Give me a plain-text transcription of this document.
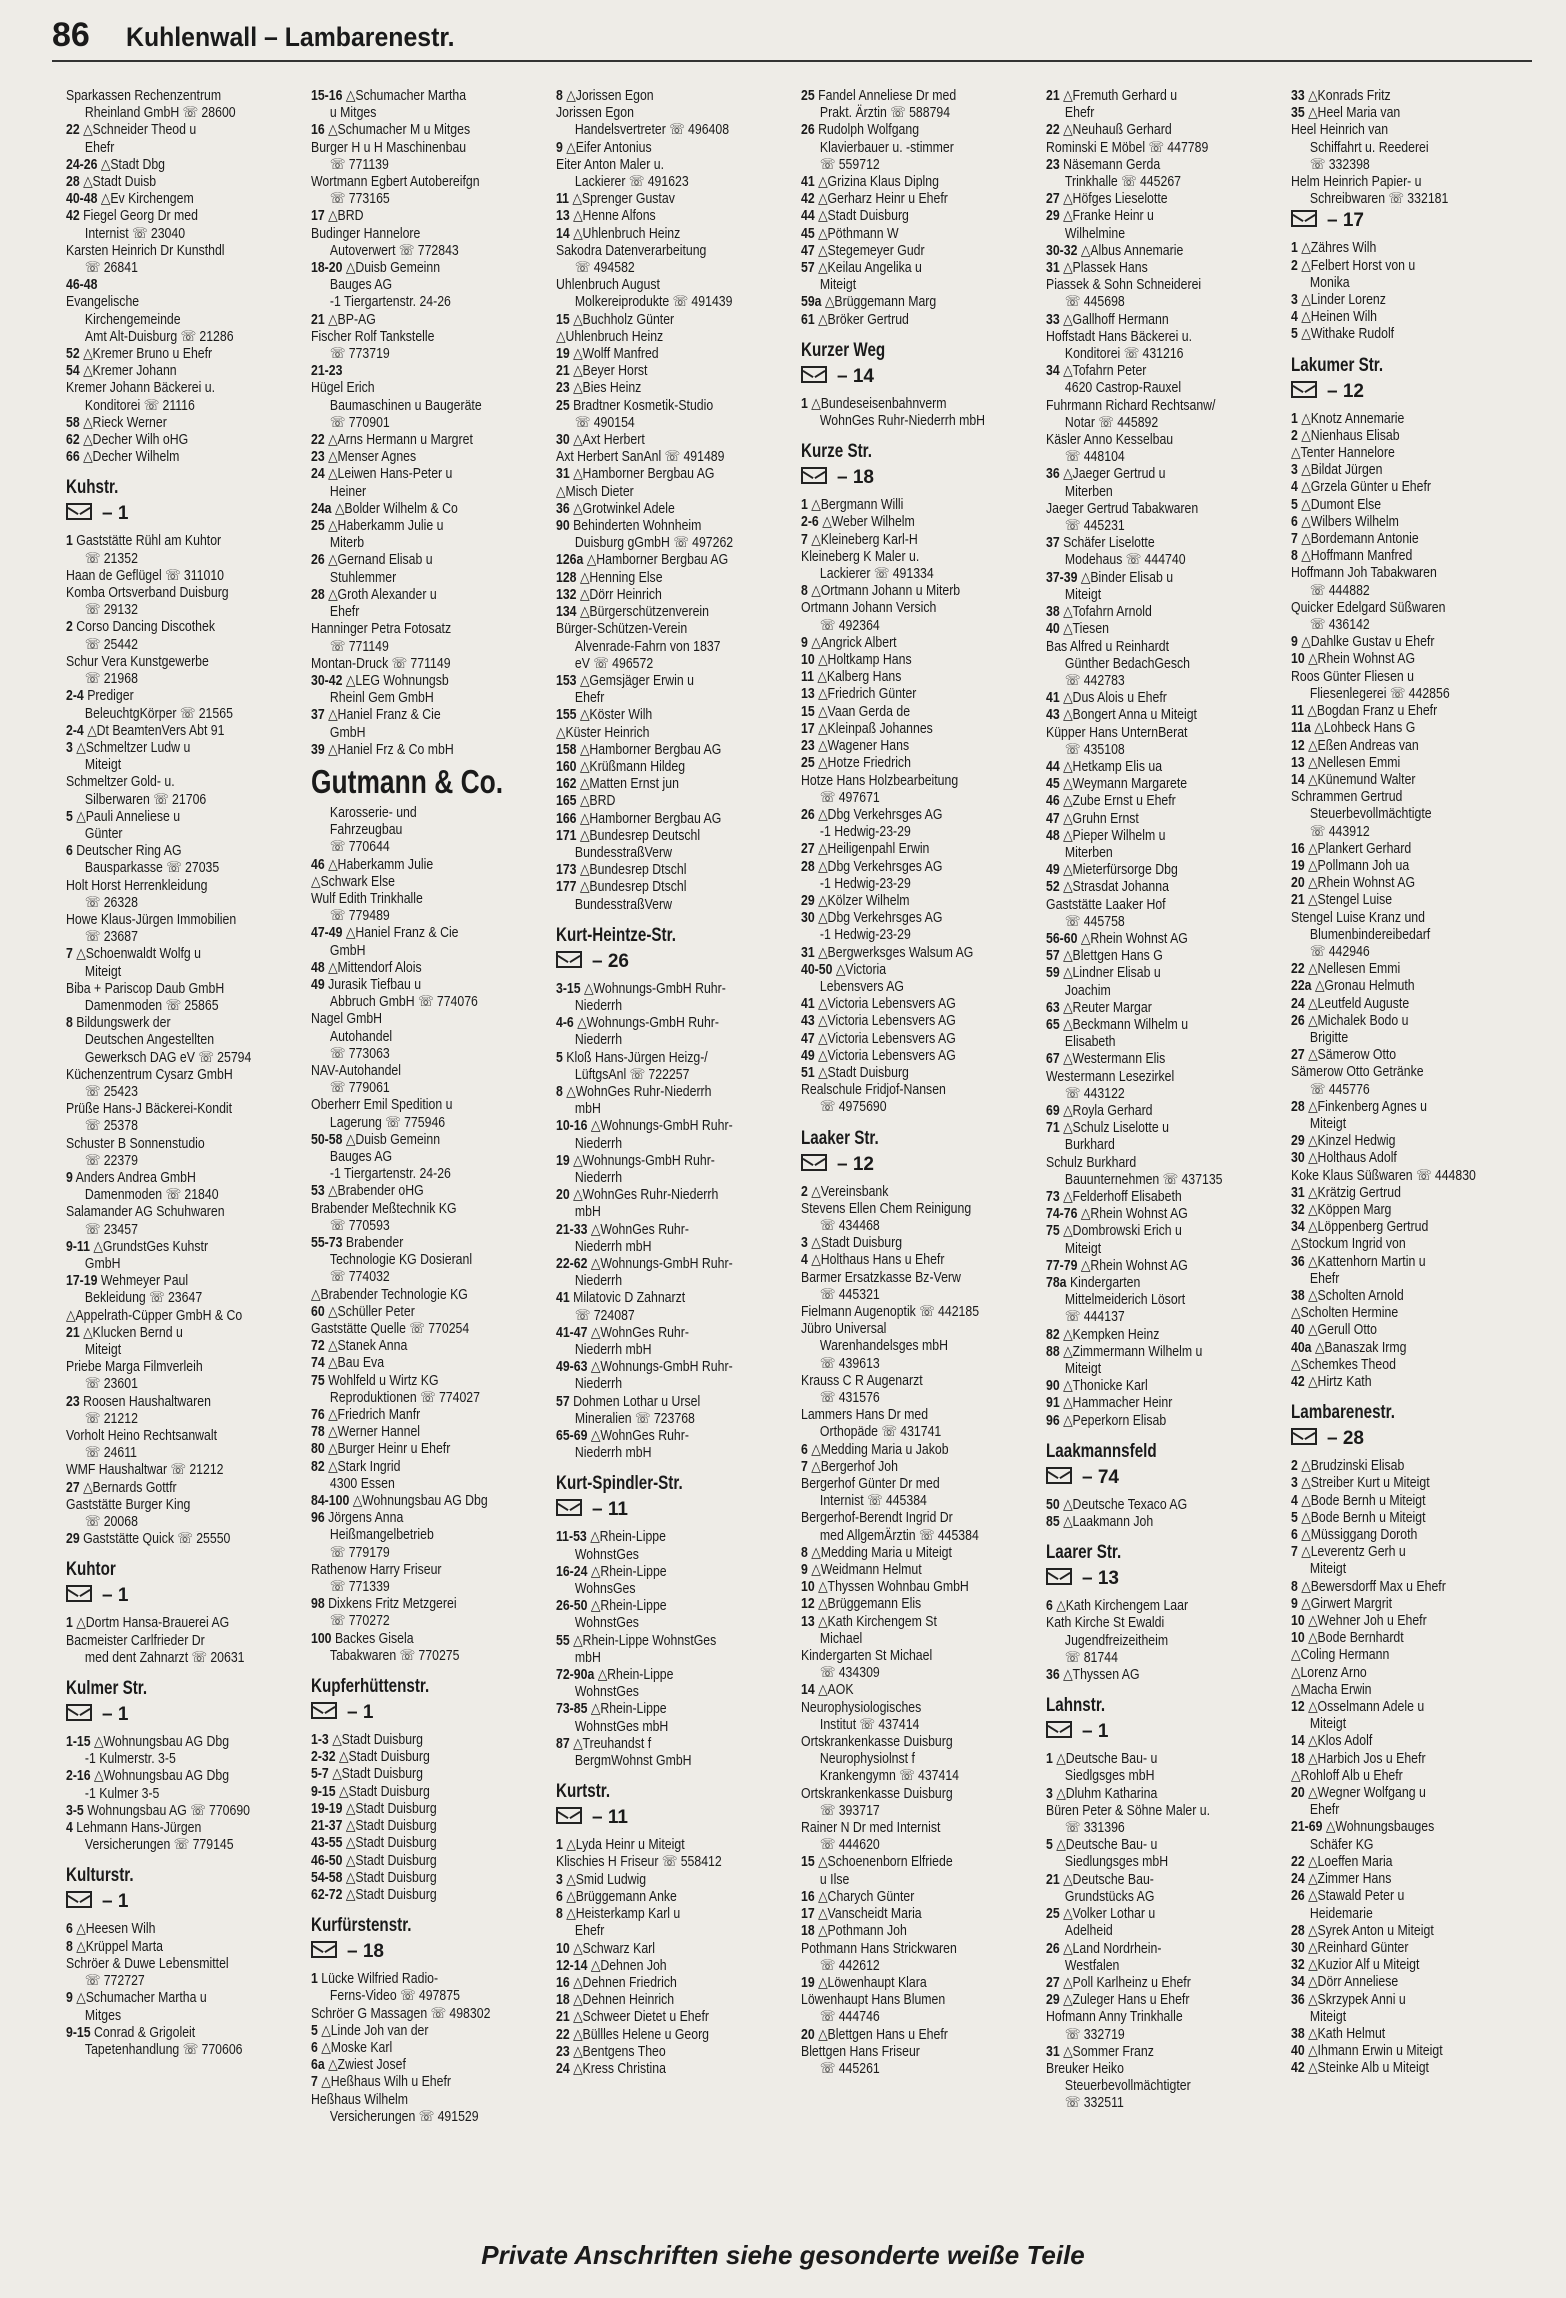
86 Kuhlenwall – Lambarenestr.
Sparkassen Rechenzentrum
Rheinland GmbH ☏ 28600
22 △Schneider Theod u
Ehefr
24-26 △Stadt Dbg
28 △Stadt Duisb
40-48 △Ev Kirchengem
42 Fiegel Georg Dr med
Internist ☏ 23040
Karsten Heinrich Dr Kunsthdl
☏ 26841
46-48
Evangelische
Kirchengemeinde
Amt Alt-Duisburg ☏ 21286
52 △Kremer Bruno u Ehefr
54 △Kremer Johann
Kremer Johann Bäckerei u.
Konditorei ☏ 21116
58 △Rieck Werner
62 △Decher Wilh oHG
66 △Decher Wilhelm
Kuhstr.
– 1
1 Gaststätte Rühl am Kuhtor
☏ 21352
Haan de Geflügel ☏ 311010
Komba Ortsverband Duisburg
☏ 29132
2 Corso Dancing Discothek
☏ 25442
Schur Vera Kunstgewerbe
☏ 21968
2-4 Prediger
BeleuchtgKörper ☏ 21565
2-4 △Dt BeamtenVers Abt 91
3 △Schmeltzer Ludw u
Miteigt
Schmeltzer Gold- u.
Silberwaren ☏ 21706
5 △Pauli Anneliese u
Günter
6 Deutscher Ring AG
Bausparkasse ☏ 27035
Holt Horst Herrenkleidung
☏ 26328
Howe Klaus-Jürgen Immobilien
☏ 23687
7 △Schoenwaldt Wolfg u
Miteigt
Biba + Pariscop Daub GmbH
Damenmoden ☏ 25865
8 Bildungswerk der
Deutschen Angestellten
Gewerksch DAG eV ☏ 25794
Küchenzentrum Cysarz GmbH
☏ 25423
Prüße Hans-J Bäckerei-Kondit
☏ 25378
Schuster B Sonnenstudio
☏ 22379
9 Anders Andrea GmbH
Damenmoden ☏ 21840
Salamander AG Schuhwaren
☏ 23457
9-11 △GrundstGes Kuhstr
GmbH
17-19 Wehmeyer Paul
Bekleidung ☏ 23647
△Appelrath-Cüpper GmbH & Co
21 △Klucken Bernd u
Miteigt
Priebe Marga Filmverleih
☏ 23601
23 Roosen Haushaltwaren
☏ 21212
Vorholt Heino Rechtsanwalt
☏ 24611
WMF Haushaltwar ☏ 21212
27 △Bernards Gottfr
Gaststätte Burger King
☏ 20068
29 Gaststätte Quick ☏ 25550
Kuhtor
– 1
1 △Dortm Hansa-Brauerei AG
Bacmeister Carlfrieder Dr
med dent Zahnarzt ☏ 20631
Kulmer Str.
– 1
1-15 △Wohnungsbau AG Dbg
-1 Kulmerstr. 3-5
2-16 △Wohnungsbau AG Dbg
-1 Kulmer 3-5
3-5 Wohnungsbau AG ☏ 770690
4 Lehmann Hans-Jürgen
Versicherungen ☏ 779145
Kulturstr.
– 1
6 △Heesen Wilh
8 △Krüppel Marta
Schröer & Duwe Lebensmittel
☏ 772727
9 △Schumacher Martha u
Mitges
9-15 Conrad & Grigoleit
Tapetenhandlung ☏ 770606
15-16 △Schumacher Martha
u Mitges
16 △Schumacher M u Mitges
Burger H u H Maschinenbau
☏ 771139
Wortmann Egbert Autobereifgn
☏ 773165
17 △BRD
Budinger Hannelore
Autoverwert ☏ 772843
18-20 △Duisb Gemeinn
Bauges AG
-1 Tiergartenstr. 24-26
21 △BP-AG
Fischer Rolf Tankstelle
☏ 773719
21-23
Hügel Erich
Baumaschinen u Baugeräte
☏ 770901
22 △Arns Hermann u Margret
23 △Menser Agnes
24 △Leiwen Hans-Peter u
Heiner
24a △Bolder Wilhelm & Co
25 △Haberkamm Julie u
Miterb
26 △Gernand Elisab u
Stuhlemmer
28 △Groth Alexander u
Ehefr
Hanninger Petra Fotosatz
☏ 771149
Montan-Druck ☏ 771149
30-42 △LEG Wohnungsb
Rheinl Gem GmbH
37 △Haniel Franz & Cie
GmbH
39 △Haniel Frz & Co mbH
Gutmann & Co.
Karosserie- und
Fahrzeugbau
☏ 770644
46 △Haberkamm Julie
△Schwark Else
Wulf Edith Trinkhalle
☏ 779489
47-49 △Haniel Franz & Cie
GmbH
48 △Mittendorf Alois
49 Jurasik Tiefbau u
Abbruch GmbH ☏ 774076
Nagel GmbH
Autohandel
☏ 773063
NAV-Autohandel
☏ 779061
Oberherr Emil Spedition u
Lagerung ☏ 775946
50-58 △Duisb Gemeinn
Bauges AG
-1 Tiergartenstr. 24-26
53 △Brabender oHG
Brabender Meßtechnik KG
☏ 770593
55-73 Brabender
Technologie KG Dosieranl
☏ 774032
△Brabender Technologie KG
60 △Schüller Peter
Gaststätte Quelle ☏ 770254
72 △Stanek Anna
74 △Bau Eva
75 Wohlfeld u Wirtz KG
Reproduktionen ☏ 774027
76 △Friedrich Manfr
78 △Werner Hannel
80 △Burger Heinr u Ehefr
82 △Stark Ingrid
4300 Essen
84-100 △Wohnungsbau AG Dbg
96 Jörgens Anna
Heißmangelbetrieb
☏ 779179
Rathenow Harry Friseur
☏ 771339
98 Dixkens Fritz Metzgerei
☏ 770272
100 Backes Gisela
Tabakwaren ☏ 770275
Kupferhüttenstr.
– 1
1-3 △Stadt Duisburg
2-32 △Stadt Duisburg
5-7 △Stadt Duisburg
9-15 △Stadt Duisburg
19-19 △Stadt Duisburg
21-37 △Stadt Duisburg
43-55 △Stadt Duisburg
46-50 △Stadt Duisburg
54-58 △Stadt Duisburg
62-72 △Stadt Duisburg
Kurfürstenstr.
– 18
1 Lücke Wilfried Radio-
Ferns-Video ☏ 497875
Schröer G Massagen ☏ 498302
5 △Linde Joh van der
6 △Moske Karl
6a △Zwiest Josef
7 △Heßhaus Wilh u Ehefr
Heßhaus Wilhelm
Versicherungen ☏ 491529
8 △Jorissen Egon
Jorissen Egon
Handelsvertreter ☏ 496408
9 △Eifer Antonius
Eiter Anton Maler u.
Lackierer ☏ 491623
11 △Sprenger Gustav
13 △Henne Alfons
14 △Uhlenbruch Heinz
Sakodra Datenverarbeitung
☏ 494582
Uhlenbruch August
Molkereiprodukte ☏ 491439
15 △Buchholz Günter
△Uhlenbruch Heinz
19 △Wolff Manfred
21 △Beyer Horst
23 △Bies Heinz
25 Bradtner Kosmetik-Studio
☏ 490154
30 △Axt Herbert
Axt Herbert SanAnl ☏ 491489
31 △Hamborner Bergbau AG
△Misch Dieter
36 △Grotwinkel Adele
90 Behinderten Wohnheim
Duisburg gGmbH ☏ 497262
126a △Hamborner Bergbau AG
128 △Henning Else
132 △Dörr Heinrich
134 △Bürgerschützenverein
Bürger-Schützen-Verein
Alvenrade-Fahrn von 1837
eV ☏ 496572
153 △Gemsjäger Erwin u
Ehefr
155 △Köster Wilh
△Küster Heinrich
158 △Hamborner Bergbau AG
160 △Krüßmann Hildeg
162 △Matten Ernst jun
165 △BRD
166 △Hamborner Bergbau AG
171 △Bundesrep Deutschl
BundesstraßVerw
173 △Bundesrep Dtschl
177 △Bundesrep Dtschl
BundesstraßVerw
Kurt-Heintze-Str.
– 26
3-15 △Wohnungs-GmbH Ruhr-
Niederrh
4-6 △Wohnungs-GmbH Ruhr-
Niederrh
5 Kloß Hans-Jürgen Heizg-/
LüftgsAnl ☏ 722257
8 △WohnGes Ruhr-Niederrh
mbH
10-16 △Wohnungs-GmbH Ruhr-
Niederrh
19 △Wohnungs-GmbH Ruhr-
Niederrh
20 △WohnGes Ruhr-Niederrh
mbH
21-33 △WohnGes Ruhr-
Niederrh mbH
22-62 △Wohnungs-GmbH Ruhr-
Niederrh
41 Milatovic D Zahnarzt
☏ 724087
41-47 △WohnGes Ruhr-
Niederrh mbH
49-63 △Wohnungs-GmbH Ruhr-
Niederrh
57 Dohmen Lothar u Ursel
Mineralien ☏ 723768
65-69 △WohnGes Ruhr-
Niederrh mbH
Kurt-Spindler-Str.
– 11
11-53 △Rhein-Lippe
WohnstGes
16-24 △Rhein-Lippe
WohnsGes
26-50 △Rhein-Lippe
WohnstGes
55 △Rhein-Lippe WohnstGes
mbH
72-90a △Rhein-Lippe
WohnstGes
73-85 △Rhein-Lippe
WohnstGes mbH
87 △Treuhandst f
BergmWohnst GmbH
Kurtstr.
– 11
1 △Lyda Heinr u Miteigt
Klischies H Friseur ☏ 558412
3 △Smid Ludwig
6 △Brüggemann Anke
8 △Heisterkamp Karl u
Ehefr
10 △Schwarz Karl
12-14 △Dehnen Joh
16 △Dehnen Friedrich
18 △Dehnen Heinrich
21 △Schweer Dietet u Ehefr
22 △Büllles Helene u Georg
23 △Bentgens Theo
24 △Kress Christina
25 Fandel Anneliese Dr med
Prakt. Ärztin ☏ 588794
26 Rudolph Wolfgang
Klavierbauer u. -stimmer
☏ 559712
41 △Grizina Klaus Diplng
42 △Gerharz Heinr u Ehefr
44 △Stadt Duisburg
45 △Pöthmann W
47 △Stegemeyer Gudr
57 △Keilau Angelika u
Miteigt
59a △Brüggemann Marg
61 △Bröker Gertrud
Kurzer Weg
– 14
1 △Bundeseisenbahnverm
WohnGes Ruhr-Niederrh mbH
Kurze Str.
– 18
1 △Bergmann Willi
2-6 △Weber Wilhelm
7 △Kleineberg Karl-H
Kleineberg K Maler u.
Lackierer ☏ 491334
8 △Ortmann Johann u Miterb
Ortmann Johann Versich
☏ 492364
9 △Angrick Albert
10 △Holtkamp Hans
11 △Kalberg Hans
13 △Friedrich Günter
15 △Vaan Gerda de
17 △Kleinpaß Johannes
23 △Wagener Hans
25 △Hotze Friedrich
Hotze Hans Holzbearbeitung
☏ 497671
26 △Dbg Verkehrsges AG
-1 Hedwig-23-29
27 △Heiligenpahl Erwin
28 △Dbg Verkehrsges AG
-1 Hedwig-23-29
29 △Kölzer Wilhelm
30 △Dbg Verkehrsges AG
-1 Hedwig-23-29
31 △Bergwerksges Walsum AG
40-50 △Victoria
Lebensvers AG
41 △Victoria Lebensvers AG
43 △Victoria Lebensvers AG
47 △Victoria Lebensvers AG
49 △Victoria Lebensvers AG
51 △Stadt Duisburg
Realschule Fridjof-Nansen
☏ 4975690
Laaker Str.
– 12
2 △Vereinsbank
Stevens Ellen Chem Reinigung
☏ 434468
3 △Stadt Duisburg
4 △Holthaus Hans u Ehefr
Barmer Ersatzkasse Bz-Verw
☏ 445321
Fielmann Augenoptik ☏ 442185
Jübro Universal
Warenhandelsges mbH
☏ 439613
Krauss C R Augenarzt
☏ 431576
Lammers Hans Dr med
Orthopäde ☏ 431741
6 △Medding Maria u Jakob
7 △Bergerhof Joh
Bergerhof Günter Dr med
Internist ☏ 445384
Bergerhof-Berendt Ingrid Dr
med AllgemÄrztin ☏ 445384
8 △Medding Maria u Miteigt
9 △Weidmann Helmut
10 △Thyssen Wohnbau GmbH
12 △Brüggemann Elis
13 △Kath Kirchengem St
Michael
Kindergarten St Michael
☏ 434309
14 △AOK
Neurophysiologisches
Institut ☏ 437414
Ortskrankenkasse Duisburg
Neurophysiolnst f
Krankengymn ☏ 437414
Ortskrankenkasse Duisburg
☏ 393717
Rainer N Dr med Internist
☏ 444620
15 △Schoenenborn Elfriede
u Ilse
16 △Charych Günter
17 △Vanscheidt Maria
18 △Pothmann Joh
Pothmann Hans Strickwaren
☏ 442612
19 △Löwenhaupt Klara
Löwenhaupt Hans Blumen
☏ 444746
20 △Blettgen Hans u Ehefr
Blettgen Hans Friseur
☏ 445261
21 △Fremuth Gerhard u
Ehefr
22 △Neuhauß Gerhard
Rominski E Möbel ☏ 447789
23 Näsemann Gerda
Trinkhalle ☏ 445267
27 △Höfges Lieselotte
29 △Franke Heinr u
Wilhelmine
30-32 △Albus Annemarie
31 △Plassek Hans
Piassek & Sohn Schneiderei
☏ 445698
33 △Gallhoff Hermann
Hoffstadt Hans Bäckerei u.
Konditorei ☏ 431216
34 △Tofahrn Peter
4620 Castrop-Rauxel
Fuhrmann Richard Rechtsanw/
Notar ☏ 445892
Käsler Anno Kesselbau
☏ 448104
36 △Jaeger Gertrud u
Miterben
Jaeger Gertrud Tabakwaren
☏ 445231
37 Schäfer Liselotte
Modehaus ☏ 444740
37-39 △Binder Elisab u
Miteigt
38 △Tofahrn Arnold
40 △Tiesen
Bas Alfred u Reinhardt
Günther BedachGesch
☏ 442783
41 △Dus Alois u Ehefr
43 △Bongert Anna u Miteigt
Küpper Hans UnternBerat
☏ 435108
44 △Hetkamp Elis ua
45 △Weymann Margarete
46 △Zube Ernst u Ehefr
47 △Gruhn Ernst
48 △Pieper Wilhelm u
Miterben
49 △Mieterfürsorge Dbg
52 △Strasdat Johanna
Gaststätte Laaker Hof
☏ 445758
56-60 △Rhein Wohnst AG
57 △Blettgen Hans G
59 △Lindner Elisab u
Joachim
63 △Reuter Margar
65 △Beckmann Wilhelm u
Elisabeth
67 △Westermann Elis
Westermann Lesezirkel
☏ 443122
69 △Royla Gerhard
71 △Schulz Liselotte u
Burkhard
Schulz Burkhard
Bauunternehmen ☏ 437135
73 △Felderhoff Elisabeth
74-76 △Rhein Wohnst AG
75 △Dombrowski Erich u
Miteigt
77-79 △Rhein Wohnst AG
78a Kindergarten
Mittelmeiderich Lösort
☏ 444137
82 △Kempken Heinz
88 △Zimmermann Wilhelm u
Miteigt
90 △Thonicke Karl
91 △Hammacher Heinr
96 △Peperkorn Elisab
Laakmannsfeld
– 74
50 △Deutsche Texaco AG
85 △Laakmann Joh
Laarer Str.
– 13
6 △Kath Kirchengem Laar
Kath Kirche St Ewaldi
Jugendfreizeitheim
☏ 81744
36 △Thyssen AG
Lahnstr.
– 1
1 △Deutsche Bau- u
Siedlgsges mbH
3 △Dluhm Katharina
Büren Peter & Söhne Maler u.
☏ 331396
5 △Deutsche Bau- u
Siedlungsges mbH
21 △Deutsche Bau-
Grundstücks AG
25 △Volker Lothar u
Adelheid
26 △Land Nordrhein-
Westfalen
27 △Poll Karlheinz u Ehefr
29 △Zuleger Hans u Ehefr
Hofmann Anny Trinkhalle
☏ 332719
31 △Sommer Franz
Breuker Heiko
Steuerbevollmächtigter
☏ 332511
33 △Konrads Fritz
35 △Heel Maria van
Heel Heinrich van
Schiffahrt u. Reederei
☏ 332398
Helm Heinrich Papier- u
Schreibwaren ☏ 332181
– 17
1 △Zähres Wilh
2 △Felbert Horst von u
Monika
3 △Linder Lorenz
4 △Heinen Wilh
5 △Withake Rudolf
Lakumer Str.
– 12
1 △Knotz Annemarie
2 △Nienhaus Elisab
△Tenter Hannelore
3 △Bildat Jürgen
4 △Grzela Günter u Ehefr
5 △Dumont Else
6 △Wilbers Wilhelm
7 △Bordemann Antonie
8 △Hoffmann Manfred
Hoffmann Joh Tabakwaren
☏ 444882
Quicker Edelgard Süßwaren
☏ 436142
9 △Dahlke Gustav u Ehefr
10 △Rhein Wohnst AG
Roos Günter Fliesen u
Fliesenlegerei ☏ 442856
11 △Bogdan Franz u Ehefr
11a △Lohbeck Hans G
12 △Eßen Andreas van
13 △Nellesen Emmi
14 △Künemund Walter
Schrammen Gertrud
Steuerbevollmächtigte
☏ 443912
16 △Plankert Gerhard
19 △Pollmann Joh ua
20 △Rhein Wohnst AG
21 △Stengel Luise
Stengel Luise Kranz und
Blumenbindereibedarf
☏ 442946
22 △Nellesen Emmi
22a △Gronau Helmuth
24 △Leutfeld Auguste
26 △Michalek Bodo u
Brigitte
27 △Sämerow Otto
Sämerow Otto Getränke
☏ 445776
28 △Finkenberg Agnes u
Miteigt
29 △Kinzel Hedwig
30 △Holthaus Adolf
Koke Klaus Süßwaren ☏ 444830
31 △Krätzig Gertrud
32 △Köppen Marg
34 △Löppenberg Gertrud
△Stockum Ingrid von
36 △Kattenhorn Martin u
Ehefr
38 △Scholten Arnold
△Scholten Hermine
40 △Gerull Otto
40a △Banaszak Irmg
△Schemkes Theod
42 △Hirtz Kath
Lambarenestr.
– 28
2 △Brudzinski Elisab
3 △Streiber Kurt u Miteigt
4 △Bode Bernh u Miteigt
5 △Bode Bernh u Miteigt
6 △Müssiggang Doroth
7 △Leverentz Gerh u
Miteigt
8 △Bewersdorff Max u Ehefr
9 △Girwert Margrit
10 △Wehner Joh u Ehefr
10 △Bode Bernhardt
△Coling Hermann
△Lorenz Arno
△Macha Erwin
12 △Osselmann Adele u
Miteigt
14 △Klos Adolf
18 △Harbich Jos u Ehefr
△Rohloff Alb u Ehefr
20 △Wegner Wolfgang u
Ehefr
21-69 △Wohnungsbauges
Schäfer KG
22 △Loeffen Maria
24 △Zimmer Hans
26 △Stawald Peter u
Heidemarie
28 △Syrek Anton u Miteigt
30 △Reinhard Günter
32 △Kuzior Alf u Miteigt
34 △Dörr Anneliese
36 △Skrzypek Anni u
Miteigt
38 △Kath Helmut
40 △Ihmann Erwin u Miteigt
42 △Steinke Alb u Miteigt
Private Anschriften siehe gesonderte weiße Teile
